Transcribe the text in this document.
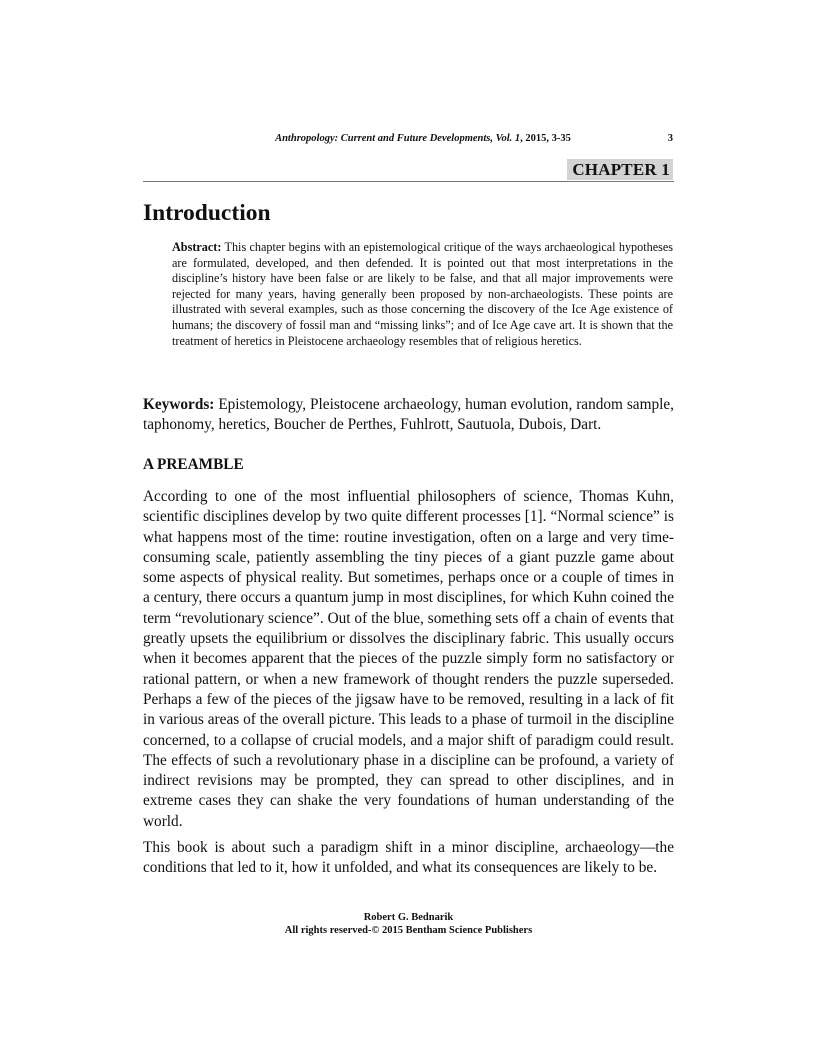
Anthropology: Current and Future Developments, Vol. 1, 2015, 3-35	3
CHAPTER 1
Introduction

Abstract: This chapter begins with an epistemological critique of the ways archaeological hypotheses are formulated, developed, and then defended. It is pointed out that most interpretations in the discipline’s history have been false or are likely to be false, and that all major improvements were rejected for many years, having generally been proposed by non-archaeologists. These points are illustrated with several examples, such as those concerning the discovery of the Ice Age existence of humans; the discovery of fossil man and “missing links”; and of Ice Age cave art. It is shown that the treatment of heretics in Pleistocene archaeology resembles that of religious heretics.

Keywords: Epistemology, Pleistocene archaeology, human evolution, random sample, taphonomy, heretics, Boucher de Perthes, Fuhlrott, Sautuola, Dubois, Dart.

A PREAMBLE

According to one of the most influential philosophers of science, Thomas Kuhn, scientific disciplines develop by two quite different processes [1]. “Normal science” is what happens most of the time: routine investigation, often on a large and very time-consuming scale, patiently assembling the tiny pieces of a giant puzzle game about some aspects of physical reality. But sometimes, perhaps once or a couple of times in a century, there occurs a quantum jump in most disciplines, for which Kuhn coined the term “revolutionary science”. Out of the blue, something sets off a chain of events that greatly upsets the equilibrium or dissolves the disciplinary fabric. This usually occurs when it becomes apparent that the pieces of the puzzle simply form no satisfactory or rational pattern, or when a new framework of thought renders the puzzle superseded. Perhaps a few of the pieces of the jigsaw have to be removed, resulting in a lack of fit in various areas of the overall picture. This leads to a phase of turmoil in the discipline concerned, to a collapse of crucial models, and a major shift of paradigm could result. The effects of such a revolutionary phase in a discipline can be profound, a variety of indirect revisions may be prompted, they can spread to other disciplines, and in extreme cases they can shake the very foundations of human understanding of the world.

This book is about such a paradigm shift in a minor discipline, archaeology—the conditions that led to it, how it unfolded, and what its consequences are likely to be.

Robert G. Bednarik
All rights reserved-© 2015 Bentham Science Publishers
